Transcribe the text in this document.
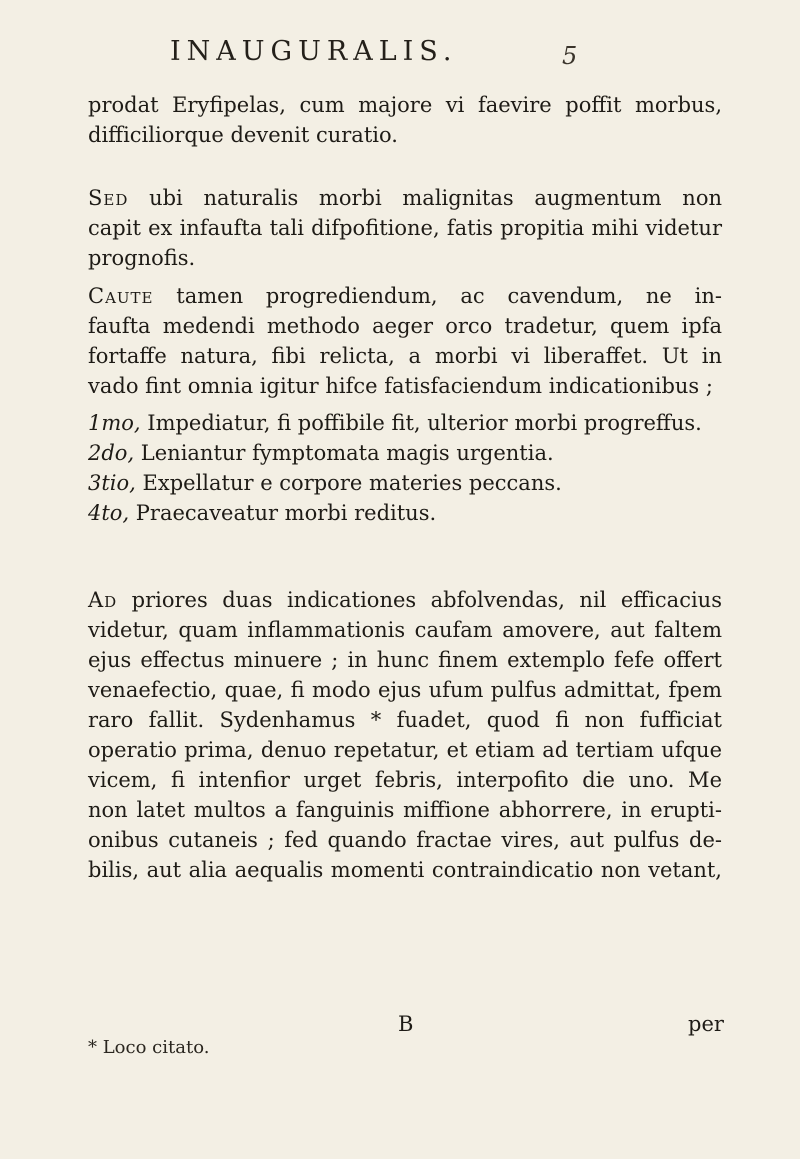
INAUGURALIS.	5
prodat Eryfipelas, cum majore vi faevire poffit morbus,
difficiliorque devenit curatio.
Sed ubi naturalis morbi malignitas augmentum non
capit ex infaufta tali difpofitione, fatis propitia mihi videtur
prognofis.
Caute tamen progrediendum, ac cavendum, ne in-
faufta medendi methodo aeger orco tradetur, quem ipfa
fortaffe natura, fibi relicta, a morbi vi liberaffet. Ut in
vado fint omnia igitur hifce fatisfaciendum indicationibus ;
1mo, Impediatur, fi poffibile fit, ulterior morbi progreffus.
2do, Leniantur fymptomata magis urgentia.
3tio, Expellatur e corpore materies peccans.
4to, Praecaveatur morbi reditus.
Ad priores duas indicationes abfolvendas, nil efficacius
videtur, quam inflammationis caufam amovere, aut faltem
ejus effectus minuere ; in hunc finem extemplo fefe offert
venaefectio, quae, fi modo ejus ufum pulfus admittat, fpem
raro fallit. Sydenhamus * fuadet, quod fi non fufficiat
operatio prima, denuo repetatur, et etiam ad tertiam ufque
vicem, fi intenfior urget febris, interpofito die uno. Me
non latet multos a fanguinis miffione abhorrere, in erupti-
onibus cutaneis ; fed quando fractae vires, aut pulfus de-
bilis, aut alia aequalis momenti contraindicatio non vetant,
B	per
* Loco citato.
